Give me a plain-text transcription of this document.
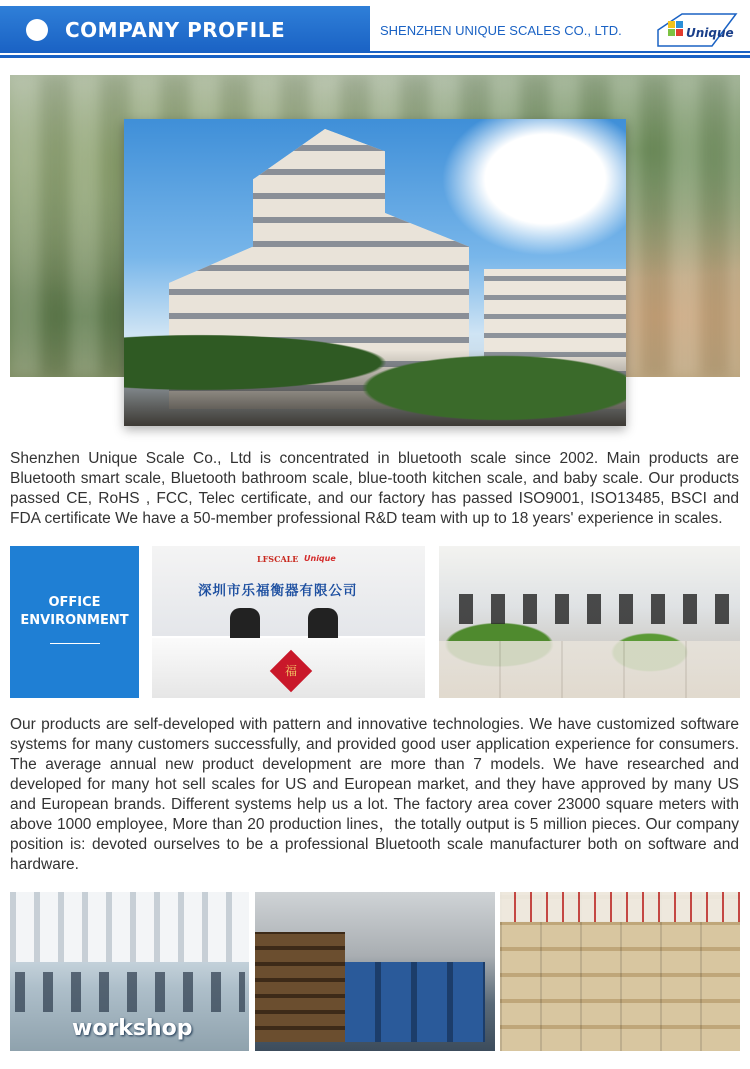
COMPANY PROFILE	SHENZHEN UNIQUE SCALES CO., LTD.	Unique

Shenzhen Unique Scale Co., Ltd is concentrated in bluetooth scale since 2002. Main products are Bluetooth smart scale, Bluetooth bathroom scale, blue-tooth kitchen scale, and baby scale. Our products passed CE, RoHS , FCC, Telec certificate, and our factory has passed ISO9001, ISO13485, BSCI and FDA certificate We have a 50-member professional R&D team with up to 18 years' experience in scales.

OFFICE
ENVIRONMENT
LFSCALE Unique
深圳市乐福衡器有限公司
福

Our products are self-developed with pattern and innovative technologies. We have customized software systems for many customers successfully, and provided good user application experience for consumers. The average annual new product development are more than 7 models. We have researched and developed for many hot sell scales for US and European market, and they have approved by many US and European brands. Different systems help us a lot. The factory area cover 23000 square meters with above 1000 employee, More than 20 production lines，the totally output is 5 million pieces. Our company position is: devoted ourselves to be a professional Bluetooth scale manufacturer both on software and hardware.

workshop
